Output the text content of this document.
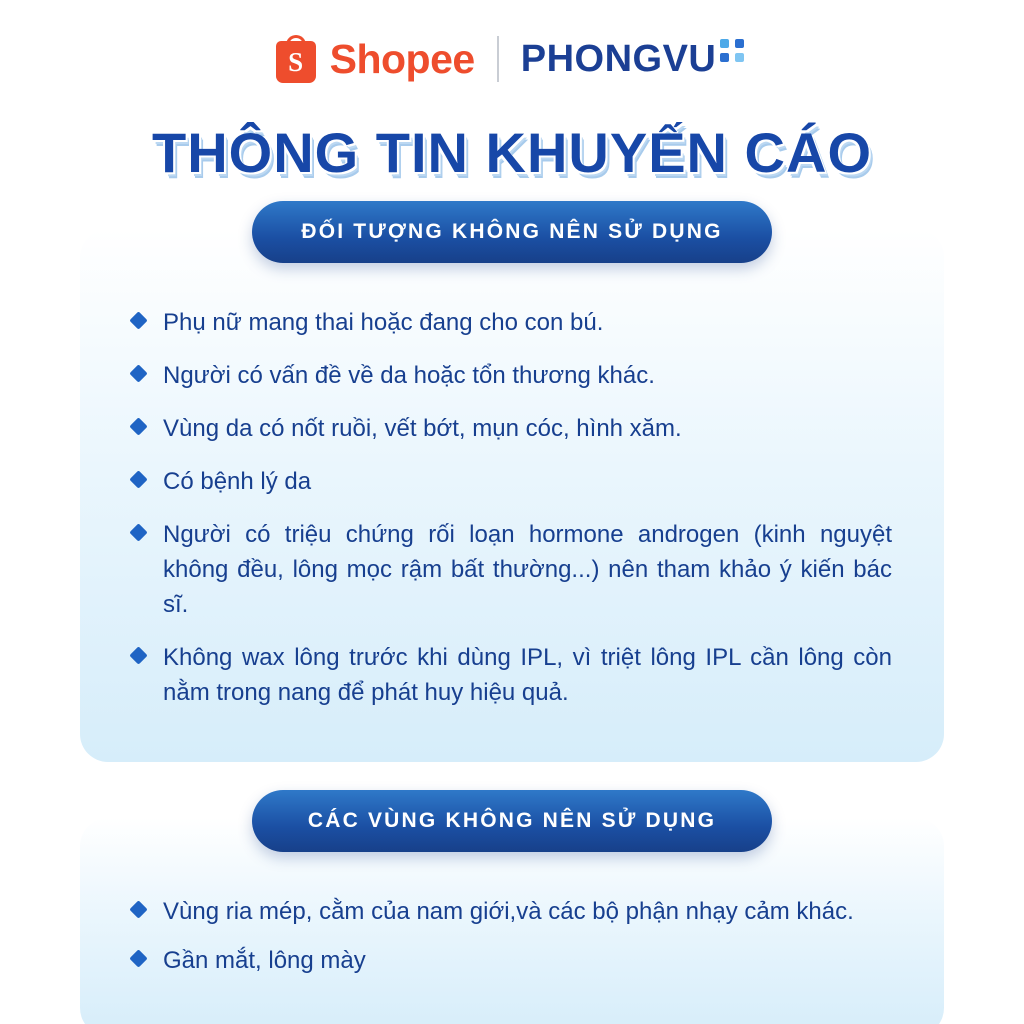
S Shopee PHONGVU
THÔNG TIN KHUYẾN CÁO
ĐỐI TƯỢNG KHÔNG NÊN SỬ DỤNG
Phụ nữ mang thai hoặc đang cho con bú.
Người có vấn đề về da hoặc tổn thương khác.
Vùng da có nốt ruồi, vết bớt, mụn cóc, hình xăm.
Có bệnh lý da
Người có triệu chứng rối loạn hormone androgen (kinh nguyệt không đều, lông mọc rậm bất thường...) nên tham khảo ý kiến bác sĩ.
Không wax lông trước khi dùng IPL, vì triệt lông IPL cần lông còn nằm trong nang để phát huy hiệu quả.
CÁC VÙNG KHÔNG NÊN SỬ DỤNG
Vùng ria mép, cằm của nam giới,và các bộ phận nhạy cảm khác.
Gần mắt, lông mày
